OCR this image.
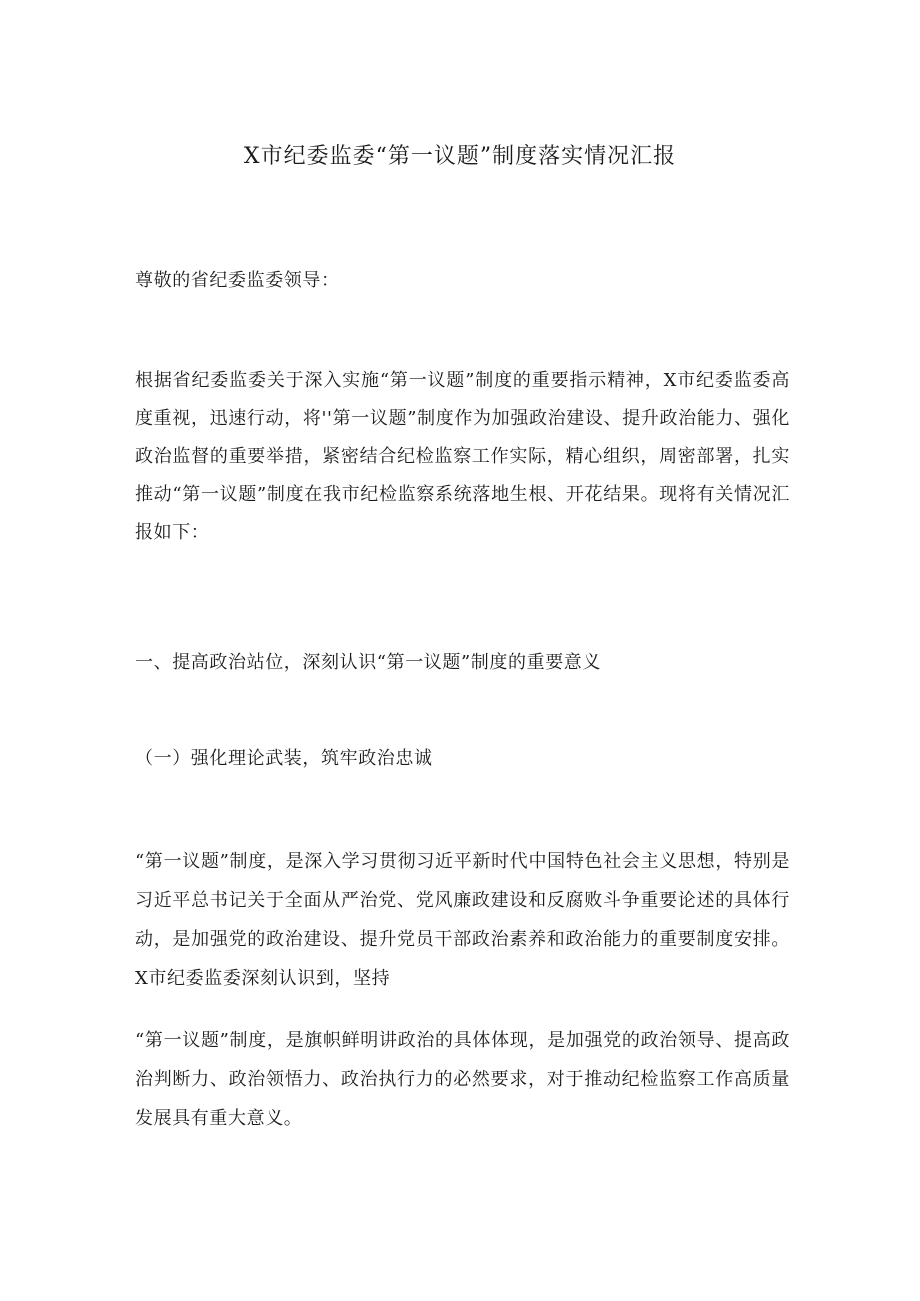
X市纪委监委“第一议题”制度落实情况汇报

尊敬的省纪委监委领导：

根据省纪委监委关于深入实施“第一议题”制度的重要指示精神，X市纪委监委高度重视，迅速行动，将''第一议题”制度作为加强政治建设、提升政治能力、强化政治监督的重要举措，紧密结合纪检监察工作实际，精心组织，周密部署，扎实推动“第一议题”制度在我市纪检监察系统落地生根、开花结果。现将有关情况汇报如下：

一、提高政治站位，深刻认识“第一议题”制度的重要意义

（一）强化理论武装，筑牢政治忠诚

“第一议题”制度，是深入学习贯彻习近平新时代中国特色社会主义思想，特别是习近平总书记关于全面从严治党、党风廉政建设和反腐败斗争重要论述的具体行动，是加强党的政治建设、提升党员干部政治素养和政治能力的重要制度安排。X市纪委监委深刻认识到，坚持

“第一议题”制度，是旗帜鲜明讲政治的具体体现，是加强党的政治领导、提高政治判断力、政治领悟力、政治执行力的必然要求，对于推动纪检监察工作高质量发展具有重大意义。
